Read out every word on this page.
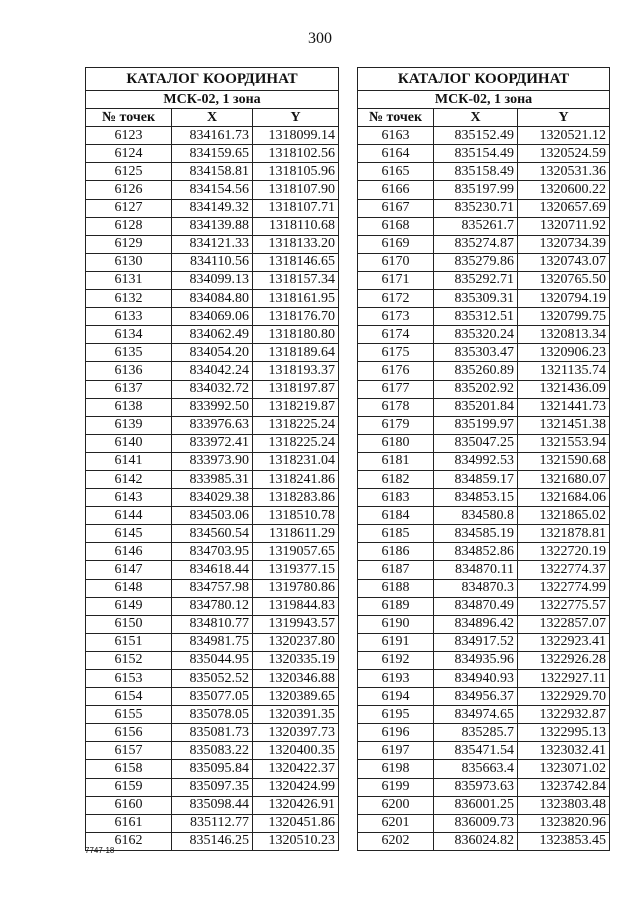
300
КАТАЛОГ КООРДИНАТ		
МСК-02, 1 зона		
№ точек	X	Y
6123	834161.73	1318099.14
6124	834159.65	1318102.56
6125	834158.81	1318105.96
6126	834154.56	1318107.90
6127	834149.32	1318107.71
6128	834139.88	1318110.68
6129	834121.33	1318133.20
6130	834110.56	1318146.65
6131	834099.13	1318157.34
6132	834084.80	1318161.95
6133	834069.06	1318176.70
6134	834062.49	1318180.80
6135	834054.20	1318189.64
6136	834042.24	1318193.37
6137	834032.72	1318197.87
6138	833992.50	1318219.87
6139	833976.63	1318225.24
6140	833972.41	1318225.24
6141	833973.90	1318231.04
6142	833985.31	1318241.86
6143	834029.38	1318283.86
6144	834503.06	1318510.78
6145	834560.54	1318611.29
6146	834703.95	1319057.65
6147	834618.44	1319377.15
6148	834757.98	1319780.86
6149	834780.12	1319844.83
6150	834810.77	1319943.57
6151	834981.75	1320237.80
6152	835044.95	1320335.19
6153	835052.52	1320346.88
6154	835077.05	1320389.65
6155	835078.05	1320391.35
6156	835081.73	1320397.73
6157	835083.22	1320400.35
6158	835095.84	1320422.37
6159	835097.35	1320424.99
6160	835098.44	1320426.91
6161	835112.77	1320451.86
6162	835146.25	1320510.23
КАТАЛОГ КООРДИНАТ		
МСК-02, 1 зона		
№ точек	X	Y
6163	835152.49	1320521.12
6164	835154.49	1320524.59
6165	835158.49	1320531.36
6166	835197.99	1320600.22
6167	835230.71	1320657.69
6168	835261.7	1320711.92
6169	835274.87	1320734.39
6170	835279.86	1320743.07
6171	835292.71	1320765.50
6172	835309.31	1320794.19
6173	835312.51	1320799.75
6174	835320.24	1320813.34
6175	835303.47	1320906.23
6176	835260.89	1321135.74
6177	835202.92	1321436.09
6178	835201.84	1321441.73
6179	835199.97	1321451.38
6180	835047.25	1321553.94
6181	834992.53	1321590.68
6182	834859.17	1321680.07
6183	834853.15	1321684.06
6184	834580.8	1321865.02
6185	834585.19	1321878.81
6186	834852.86	1322720.19
6187	834870.11	1322774.37
6188	834870.3	1322774.99
6189	834870.49	1322775.57
6190	834896.42	1322857.07
6191	834917.52	1322923.41
6192	834935.96	1322926.28
6193	834940.93	1322927.11
6194	834956.37	1322929.70
6195	834974.65	1322932.87
6196	835285.7	1322995.13
6197	835471.54	1323032.41
6198	835663.4	1323071.02
6199	835973.63	1323742.84
6200	836001.25	1323803.48
6201	836009.73	1323820.96
6202	836024.82	1323853.45
7747-18
